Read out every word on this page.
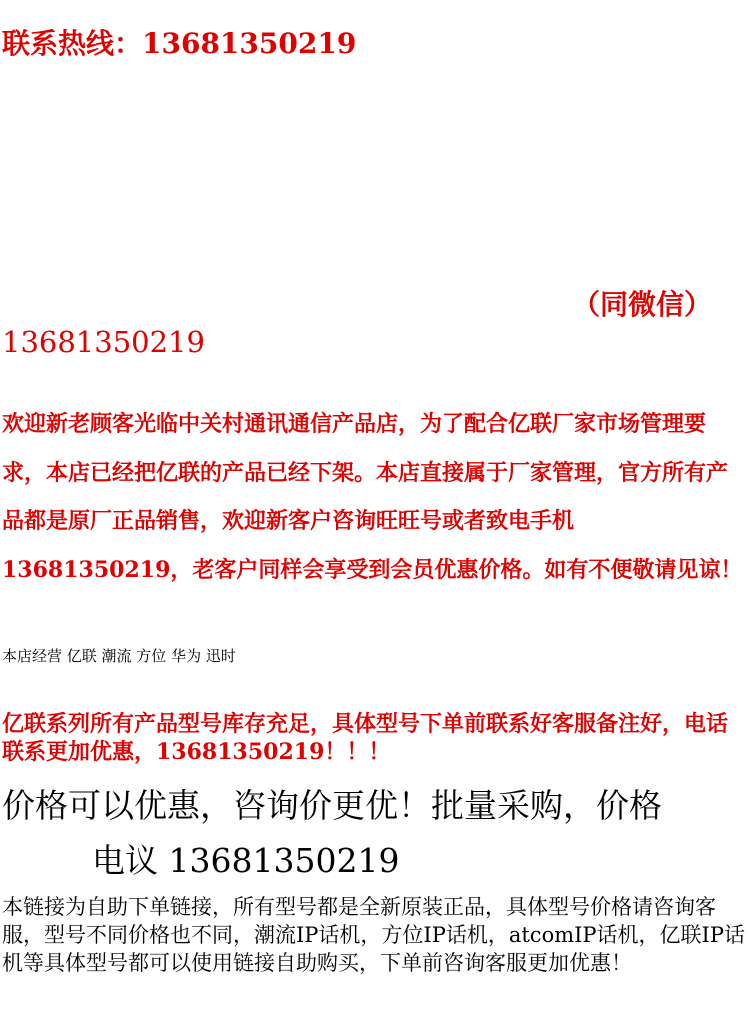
联系热线：13681350219
（同微信）
13681350219
欢迎新老顾客光临中关村通讯通信产品店，为了配合亿联厂家市场管理要求，本店已经把亿联的产品已经下架。本店直接属于厂家管理，官方所有产品都是原厂正品销售，欢迎新客户咨询旺旺号或者致电手机13681350219，老客户同样会享受到会员优惠价格。如有不便敬请见谅！
本店经营 亿联 潮流 方位 华为 迅时
亿联系列所有产品型号库存充足，具体型号下单前联系好客服备注好，电话联系更加优惠，13681350219！！！
价格可以优惠，咨询价更优！批量采购，价格
电议 13681350219
本链接为自助下单链接，所有型号都是全新原装正品，具体型号价格请咨询客服，型号不同价格也不同，潮流IP话机，方位IP话机，atcomIP话机，亿联IP话机等具体型号都可以使用链接自助购买，下单前咨询客服更加优惠！
